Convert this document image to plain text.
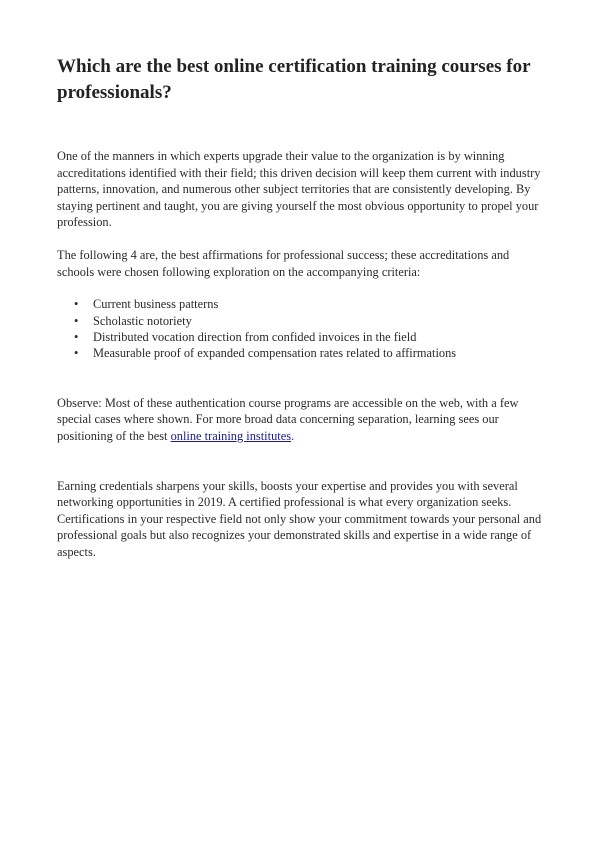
Which are the best online certification training courses for professionals?

One of the manners in which experts upgrade their value to the organization is by winning accreditations identified with their field; this driven decision will keep them current with industry patterns, innovation, and numerous other subject territories that are consistently developing. By staying pertinent and taught, you are giving yourself the most obvious opportunity to propel your profession.

The following 4 are, the best affirmations for professional success; these accreditations and schools were chosen following exploration on the accompanying criteria:

• Current business patterns
• Scholastic notoriety
• Distributed vocation direction from confided invoices in the field
• Measurable proof of expanded compensation rates related to affirmations

Observe: Most of these authentication course programs are accessible on the web, with a few special cases where shown. For more broad data concerning separation, learning sees our positioning of the best online training institutes.

Earning credentials sharpens your skills, boosts your expertise and provides you with several networking opportunities in 2019. A certified professional is what every organization seeks. Certifications in your respective field not only show your commitment towards your personal and professional goals but also recognizes your demonstrated skills and expertise in a wide range of aspects.
